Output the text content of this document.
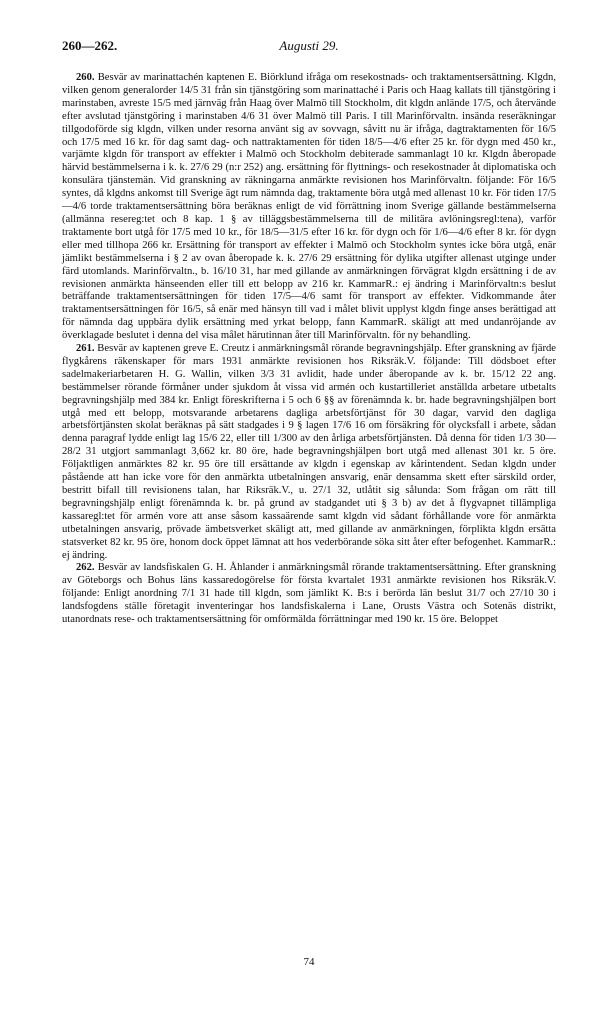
260—262.	Augusti 29.

260. Besvär av marinattachén kaptenen E. Biörklund ifråga om resekostnads- och traktamentsersättning. Klgdn, vilken genom generalorder 14/5 31 från sin tjänstgöring som marinattaché i Paris och Haag kallats till tjänstgöring i marinstaben, avreste 15/5 med järnväg från Haag över Malmö till Stockholm, dit klgdn anlände 17/5, och återvände efter avslutad tjänstgöring i marinstaben 4/6 31 över Malmö till Paris. I till Marinförvaltn. insända reseräkningar tillgodoförde sig klgdn, vilken under resorna använt sig av sovvagn, såvitt nu är ifråga, dagtraktamenten för 16/5 och 17/5 med 16 kr. för dag samt dag- och nattraktamenten för tiden 18/5—4/6 efter 25 kr. för dygn med 450 kr., varjämte klgdn för transport av effekter i Malmö och Stockholm debiterade sammanlagt 10 kr. Klgdn åberopade härvid bestämmelserna i k. k. 27/6 29 (n:r 252) ang. ersättning för flyttnings- och resekostnader åt diplomatiska och konsulära tjänstemän. Vid granskning av räkningarna anmärkte revisionen hos Marinförvaltn. följande: För 16/5 syntes, då klgdns ankomst till Sverige ägt rum nämnda dag, traktamente böra utgå med allenast 10 kr. För tiden 17/5—4/6 torde traktamentsersättning böra beräknas enligt de vid förrättning inom Sverige gällande bestämmelserna (allmänna resereg:tet och 8 kap. 1 § av tilläggsbestämmelserna till de militära avlöningsregl:tena), varför traktamente bort utgå för 17/5 med 10 kr., för 18/5—31/5 efter 16 kr. för dygn och för 1/6—4/6 efter 8 kr. för dygn eller med tillhopa 266 kr. Ersättning för transport av effekter i Malmö och Stockholm syntes icke böra utgå, enär jämlikt bestämmelserna i § 2 av ovan åberopade k. k. 27/6 29 ersättning för dylika utgifter allenast utginge under färd utomlands. Marinförvaltn., b. 16/10 31, har med gillande av anmärkningen förvägrat klgdn ersättning i de av revisionen anmärkta hänseenden eller till ett belopp av 216 kr. KammarR.: ej ändring i Marinförvaltn:s beslut beträffande traktamentsersättningen för tiden 17/5—4/6 samt för transport av effekter. Vidkommande åter traktamentsersättningen för 16/5, så enär med hänsyn till vad i målet blivit upplyst klgdn finge anses berättigad att för nämnda dag uppbära dylik ersättning med yrkat belopp, fann KammarR. skäligt att med undanröjande av överklagade beslutet i denna del visa målet härutinnan åter till Marinförvaltn. för ny behandling.

261. Besvär av kaptenen greve E. Creutz i anmärkningsmål rörande begravningshjälp. Efter granskning av fjärde flygkårens räkenskaper för mars 1931 anmärkte revisionen hos Riksräk.V. följande: Till dödsboet efter sadelmakeriarbetaren H. G. Wallin, vilken 3/3 31 avlidit, hade under åberopande av k. br. 15/12 22 ang. bestämmelser rörande förmåner under sjukdom åt vissa vid armén och kustartilleriet anställda arbetare utbetalts begravningshjälp med 384 kr. Enligt föreskrifterna i 5 och 6 §§ av förenämnda k. br. hade begravningshjälpen bort utgå med ett belopp, motsvarande arbetarens dagliga arbetsförtjänst för 30 dagar, varvid den dagliga arbetsförtjänsten skolat beräknas på sätt stadgades i 9 § lagen 17/6 16 om försäkring för olycksfall i arbete, sådan denna paragraf lydde enligt lag 15/6 22, eller till 1/300 av den årliga arbetsförtjänsten. Då denna för tiden 1/3 30—28/2 31 utgjort sammanlagt 3,662 kr. 80 öre, hade begravningshjälpen bort utgå med allenast 301 kr. 5 öre. Följaktligen anmärktes 82 kr. 95 öre till ersättande av klgdn i egenskap av kårintendent. Sedan klgdn under påstående att han icke vore för den anmärkta utbetalningen ansvarig, enär densamma skett efter särskild order, bestritt bifall till revisionens talan, har Riksräk.V., u. 27/1 32, utlåtit sig sålunda: Som frågan om rätt till begravningshjälp enligt förenämnda k. br. på grund av stadgandet uti § 3 b) av det å flygvapnet tillämpliga kassaregl:tet för armén vore att anse såsom kassaärende samt klgdn vid sådant förhållande vore för anmärkta utbetalningen ansvarig, prövade ämbetsverket skäligt att, med gillande av anmärkningen, förpliktа klgdn ersätta statsverket 82 kr. 95 öre, honom dock öppet lämnat att hos vederbörande söka sitt åter efter befogenhet. KammarR.: ej ändring.

262. Besvär av landsfiskalen G. H. Åhlander i anmärkningsmål rörande traktamentsersättning. Efter granskning av Göteborgs och Bohus läns kassaredogörelse för första kvartalet 1931 anmärkte revisionen hos Riksräk.V. följande: Enligt anordning 7/1 31 hade till klgdn, som jämlikt K. B:s i berörda län beslut 31/7 och 27/10 30 i landsfogdens ställe företagit inventeringar hos landsfiskalerna i Lane, Orusts Västra och Sotenäs distrikt, utanordnats rese- och traktamentsersättning för omförmälda förrättningar med 190 kr. 15 öre. Beloppet

74
